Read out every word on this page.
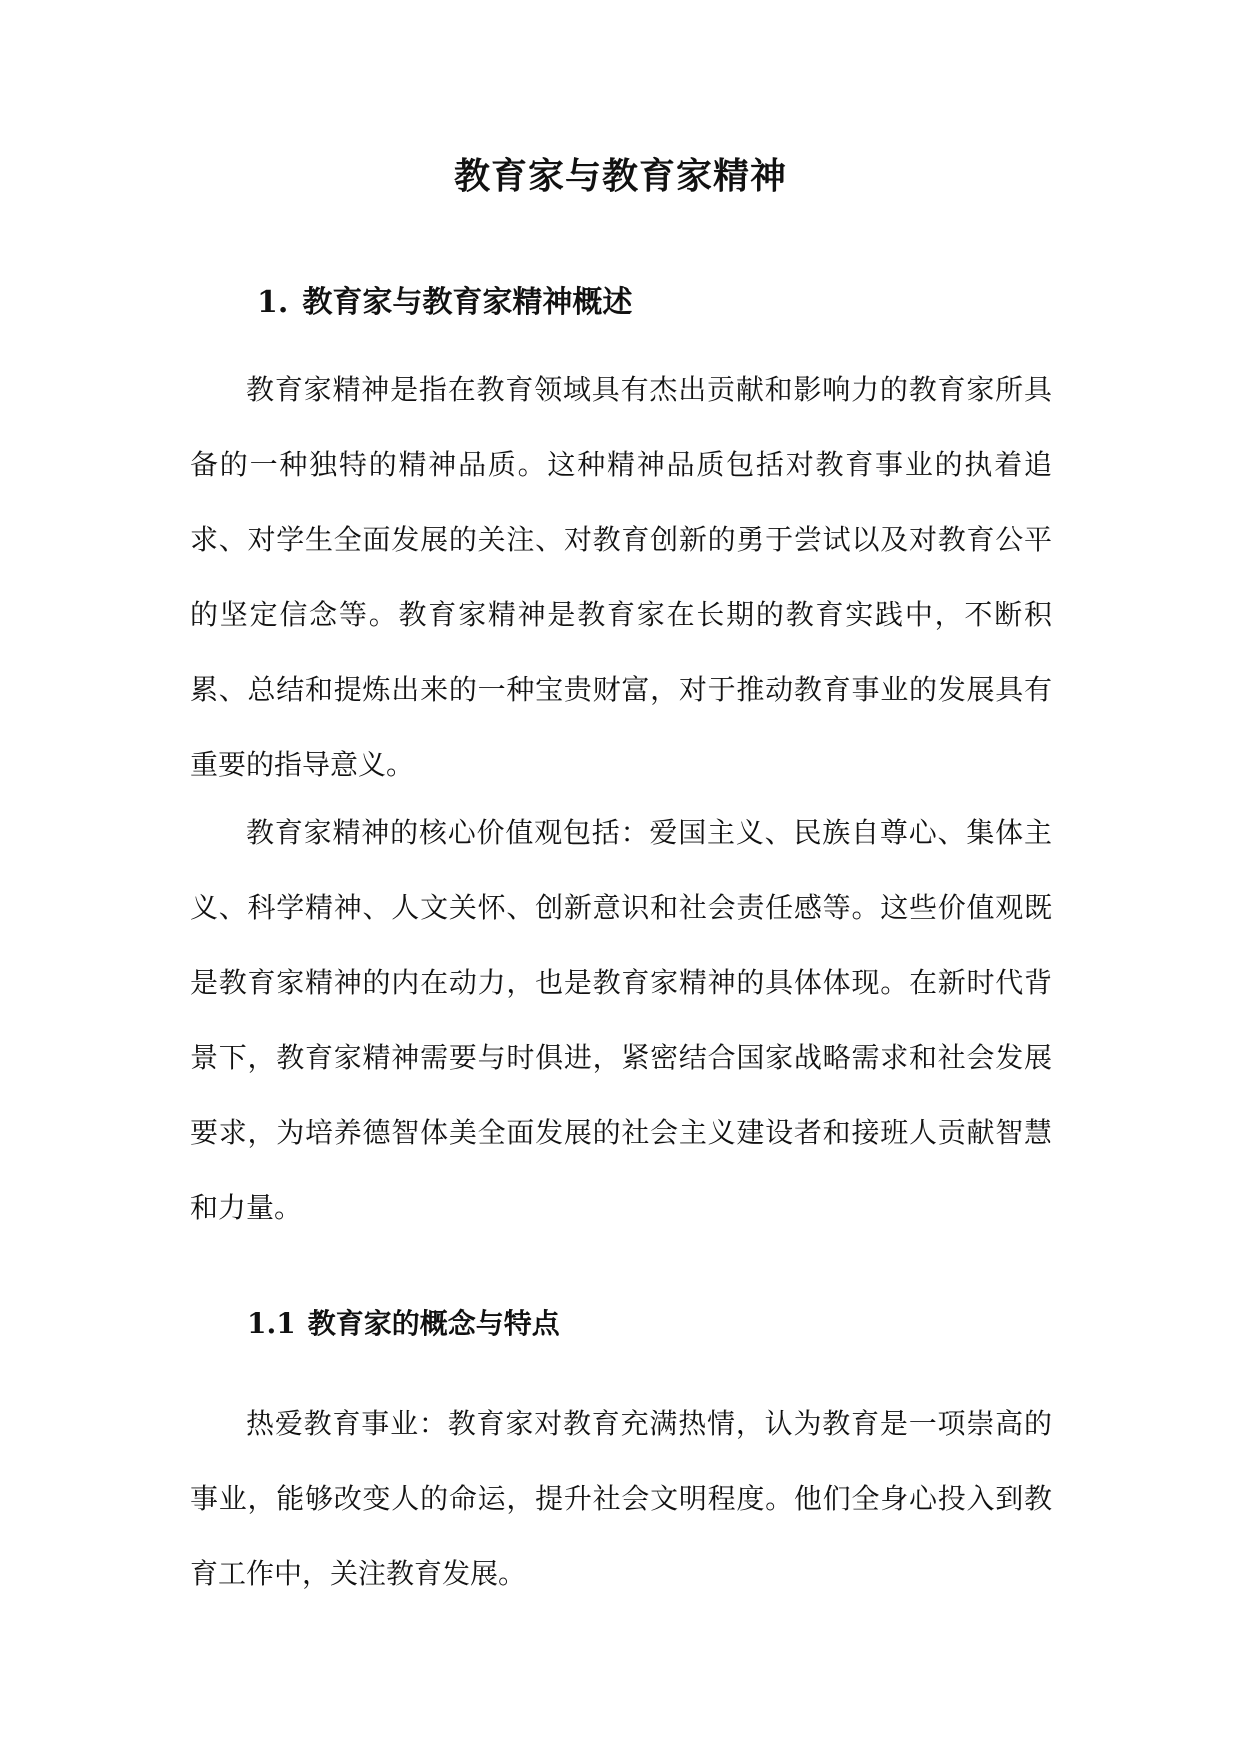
教育家与教育家精神
1. 教育家与教育家精神概述

教育家精神是指在教育领域具有杰出贡献和影响力的教育家所具备的一种独特的精神品质。这种精神品质包括对教育事业的执着追求、对学生全面发展的关注、对教育创新的勇于尝试以及对教育公平的坚定信念等。教育家精神是教育家在长期的教育实践中，不断积累、总结和提炼出来的一种宝贵财富，对于推动教育事业的发展具有重要的指导意义。

教育家精神的核心价值观包括：爱国主义、民族自尊心、集体主义、科学精神、人文关怀、创新意识和社会责任感等。这些价值观既是教育家精神的内在动力，也是教育家精神的具体体现。在新时代背景下，教育家精神需要与时俱进，紧密结合国家战略需求和社会发展要求，为培养德智体美全面发展的社会主义建设者和接班人贡献智慧和力量。

1.1 教育家的概念与特点

热爱教育事业：教育家对教育充满热情，认为教育是一项崇高的事业，能够改变人的命运，提升社会文明程度。他们全身心投入到教育工作中，关注教育发展。
